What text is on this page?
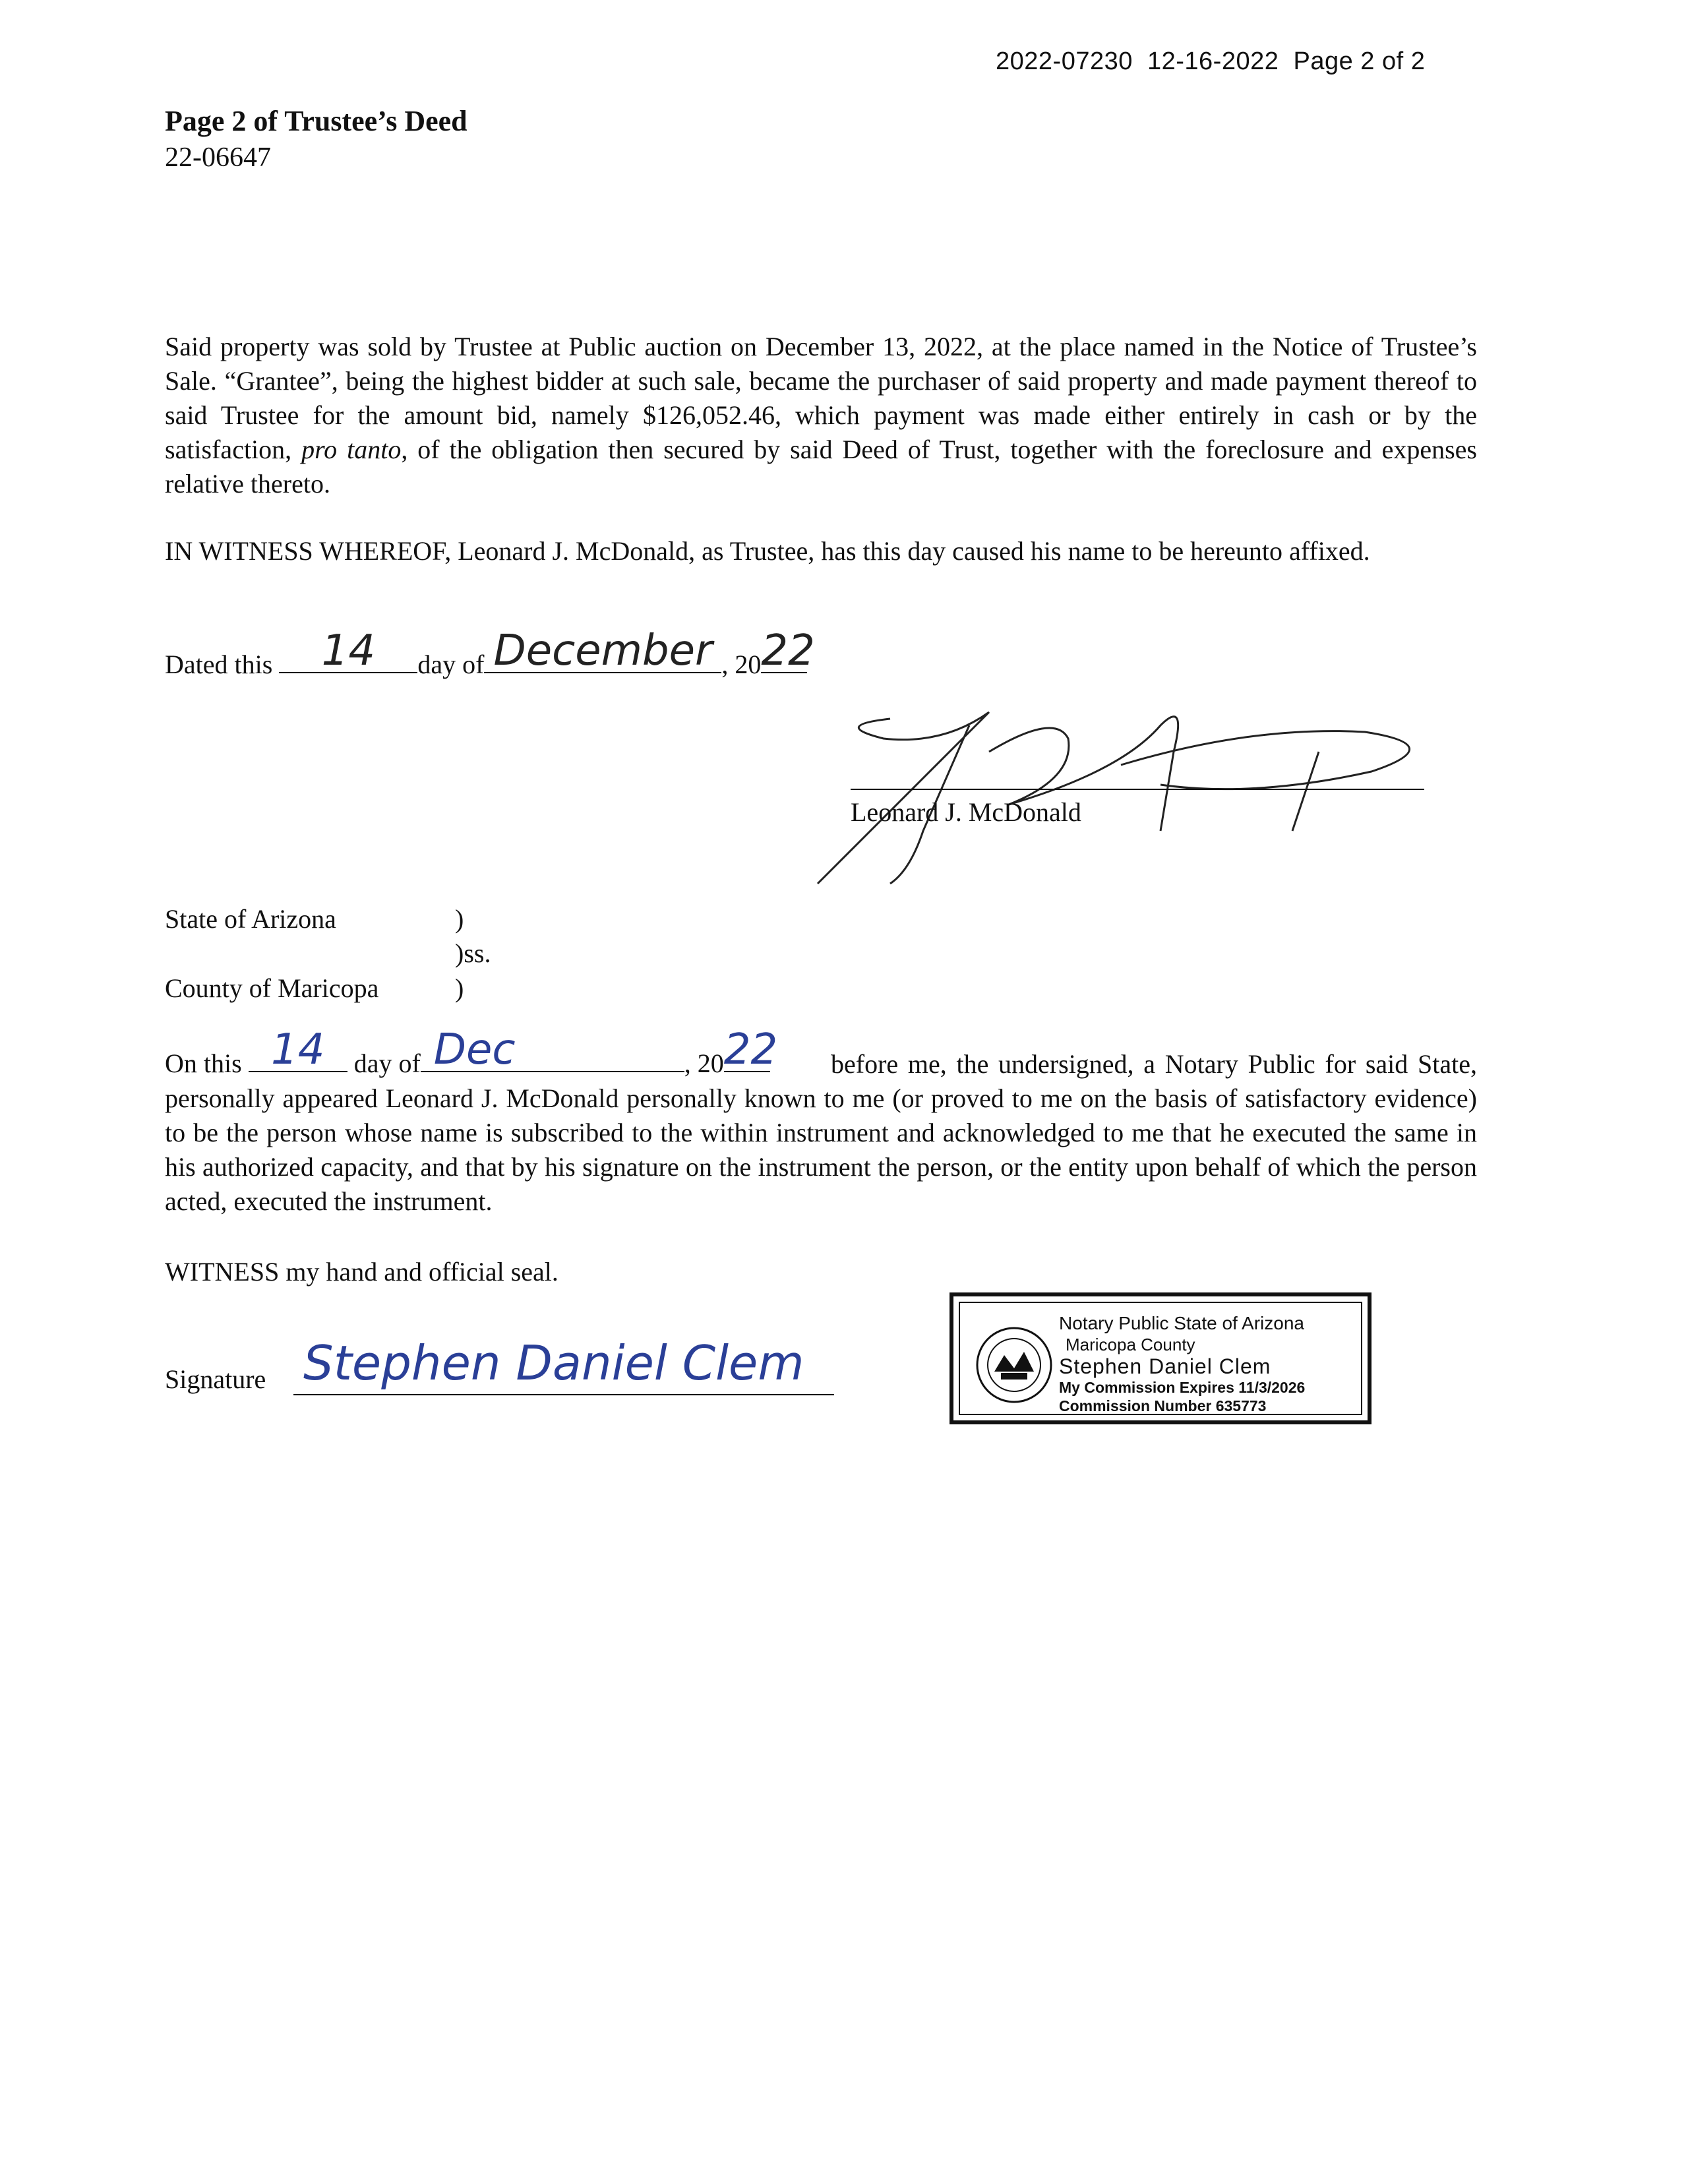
2022-07230  12-16-2022  Page 2 of 2
Page 2 of Trustee’s Deed
22-06647
Said property was sold by Trustee at Public auction on December 13, 2022, at the place named in the Notice of Trustee’s Sale. “Grantee”, being the highest bidder at such sale, became the purchaser of said property and made payment thereof to said Trustee for the amount bid, namely $126,052.46, which payment was made either entirely in cash or by the satisfaction, pro tanto, of the obligation then secured by said Deed of Trust, together with the foreclosure and expenses relative thereto.
IN WITNESS WHEREOF, Leonard J. McDonald, as Trustee, has this day caused his name to be hereunto affixed.
Dated this	14	day of December , 20 22
Leonard J. McDonald
State of Arizona	)
)ss.
County of Maricopa	)
On this 14	day of Dec	, 20 22	before me, the undersigned, a Notary Public for said State, personally appeared Leonard J. McDonald personally known to me (or proved to me on the basis of satisfactory evidence) to be the person whose name is subscribed to the within instrument and acknowledged to me that he executed the same in his authorized capacity, and that by his signature on the instrument the person, or the entity upon behalf of which the person acted, executed the instrument.
WITNESS my hand and official seal.
Signature Stephen Daniel Clem
Notary Public State of Arizona
Maricopa County
Stephen Daniel Clem
My Commission Expires 11/3/2026
Commission Number 635773
